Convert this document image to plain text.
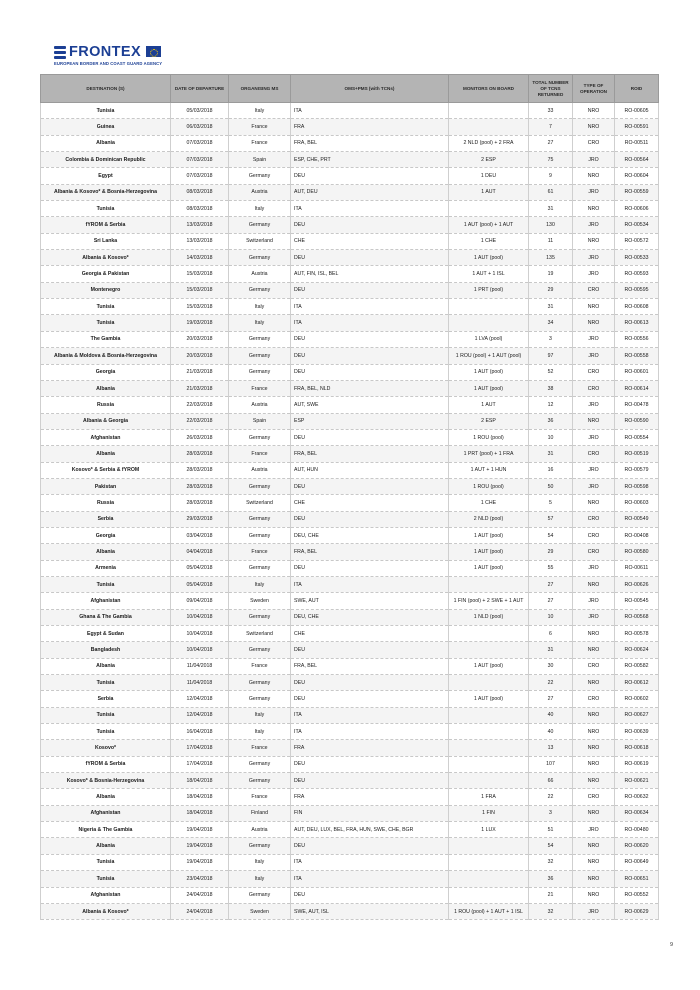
FRONTEX
EUROPEAN BORDER AND COAST GUARD AGENCY
DESTINATION (S)	DATE OF DEPARTURE	ORGANISING MS	OMS+PMS (with TCNs)	MONITORS ON BOARD	TOTAL NUMBER OF TCNS RETURNED	TYPE OF OPERATION	ROID
Tunisia	05/03/2018	Italy	ITA		33	NRO	RO-00605
Guinea	06/03/2018	France	FRA		7	NRO	RO-00591
Albania	07/03/2018	France	FRA, BEL	2 NLD (pool) + 2 FRA	27	CRO	RO-00511
Colombia & Dominican Republic	07/03/2018	Spain	ESP, CHE, PRT	2 ESP	75	JRO	RO-00564
Egypt	07/03/2018	Germany	DEU	1 DEU	9	NRO	RO-00604
Albania & Kosovo* & Bosnia-Herzegovina	08/03/2018	Austria	AUT, DEU	1 AUT	61	JRO	RO-00559
Tunisia	08/03/2018	Italy	ITA		31	NRO	RO-00606
fYROM & Serbia	13/03/2018	Germany	DEU	1 AUT (pool) + 1 AUT	130	JRO	RO-00534
Sri Lanka	13/03/2018	Switzerland	CHE	1 CHE	11	NRO	RO-00572
Albania & Kosovo*	14/03/2018	Germany	DEU	1 AUT (pool)	135	JRO	RO-00533
Georgia & Pakistan	15/03/2018	Austria	AUT, FIN, ISL, BEL	1 AUT + 1 ISL	19	JRO	RO-00593
Montenegro	15/03/2018	Germany	DEU	1 PRT (pool)	29	CRO	RO-00595
Tunisia	15/03/2018	Italy	ITA		31	NRO	RO-00608
Tunisia	19/03/2018	Italy	ITA		34	NRO	RO-00613
The Gambia	20/03/2018	Germany	DEU	1 LVA (pool)	3	JRO	RO-00556
Albania & Moldova & Bosnia-Herzegovina	20/03/2018	Germany	DEU	1 ROU (pool) + 1 AUT (pool)	97	JRO	RO-00558
Georgia	21/03/2018	Germany	DEU	1 AUT (pool)	52	CRO	RO-00601
Albania	21/03/2018	France	FRA, BEL, NLD	1 AUT (pool)	38	CRO	RO-00614
Russia	22/03/2018	Austria	AUT, SWE	1 AUT	12	JRO	RO-00478
Albania & Georgia	22/03/2018	Spain	ESP	2 ESP	36	NRO	RO-00590
Afghanistan	26/03/2018	Germany	DEU	1 ROU (pool)	10	JRO	RO-00554
Albania	28/03/2018	France	FRA, BEL	1 PRT (pool) + 1 FRA	31	CRO	RO-00519
Kosovo* & Serbia & fYROM	28/03/2018	Austria	AUT, HUN	1 AUT + 1 HUN	16	JRO	RO-00579
Pakistan	28/03/2018	Germany	DEU	1 ROU (pool)	50	JRO	RO-00598
Russia	28/03/2018	Switzerland	CHE	1 CHE	5	NRO	RO-00603
Serbia	29/03/2018	Germany	DEU	2 NLD (pool)	57	CRO	RO-00549
Georgia	03/04/2018	Germany	DEU, CHE	1 AUT (pool)	54	CRO	RO-00408
Albania	04/04/2018	France	FRA, BEL	1 AUT (pool)	29	CRO	RO-00580
Armenia	05/04/2018	Germany	DEU	1 AUT (pool)	55	JRO	RO-00611
Tunisia	05/04/2018	Italy	ITA		27	NRO	RO-00626
Afghanistan	09/04/2018	Sweden	SWE, AUT	1 FIN (pool) + 2 SWE + 1 AUT	27	JRO	RO-00545
Ghana & The Gambia	10/04/2018	Germany	DEU, CHE	1 NLD (pool)	10	JRO	RO-00568
Egypt & Sudan	10/04/2018	Switzerland	CHE		6	NRO	RO-00578
Bangladesh	10/04/2018	Germany	DEU		31	NRO	RO-00624
Albania	11/04/2018	France	FRA, BEL	1 AUT (pool)	30	CRO	RO-00582
Tunisia	11/04/2018	Germany	DEU		22	NRO	RO-00612
Serbia	12/04/2018	Germany	DEU	1 AUT (pool)	27	CRO	RO-00602
Tunisia	12/04/2018	Italy	ITA		40	NRO	RO-00627
Tunisia	16/04/2018	Italy	ITA		40	NRO	RO-00639
Kosovo*	17/04/2018	France	FRA		13	NRO	RO-00618
fYROM & Serbia	17/04/2018	Germany	DEU		107	NRO	RO-00619
Kosovo* & Bosnia-Herzegovina	18/04/2018	Germany	DEU		66	NRO	RO-00621
Albania	18/04/2018	France	FRA	1 FRA	22	CRO	RO-00632
Afghanistan	18/04/2018	Finland	FIN	1 FIN	3	NRO	RO-00634
Nigeria & The Gambia	19/04/2018	Austria	AUT, DEU, LUX, BEL, FRA, HUN, SWE, CHE, BGR	1 LUX	51	JRO	RO-00480
Albania	19/04/2018	Germany	DEU		54	NRO	RO-00620
Tunisia	19/04/2018	Italy	ITA		32	NRO	RO-00649
Tunisia	23/04/2018	Italy	ITA		36	NRO	RO-00651
Afghanistan	24/04/2018	Germany	DEU		21	NRO	RO-00552
Albania & Kosovo*	24/04/2018	Sweden	SWE, AUT, ISL	1 ROU (pool) + 1 AUT + 1 ISL	32	JRO	RO-00629
9
